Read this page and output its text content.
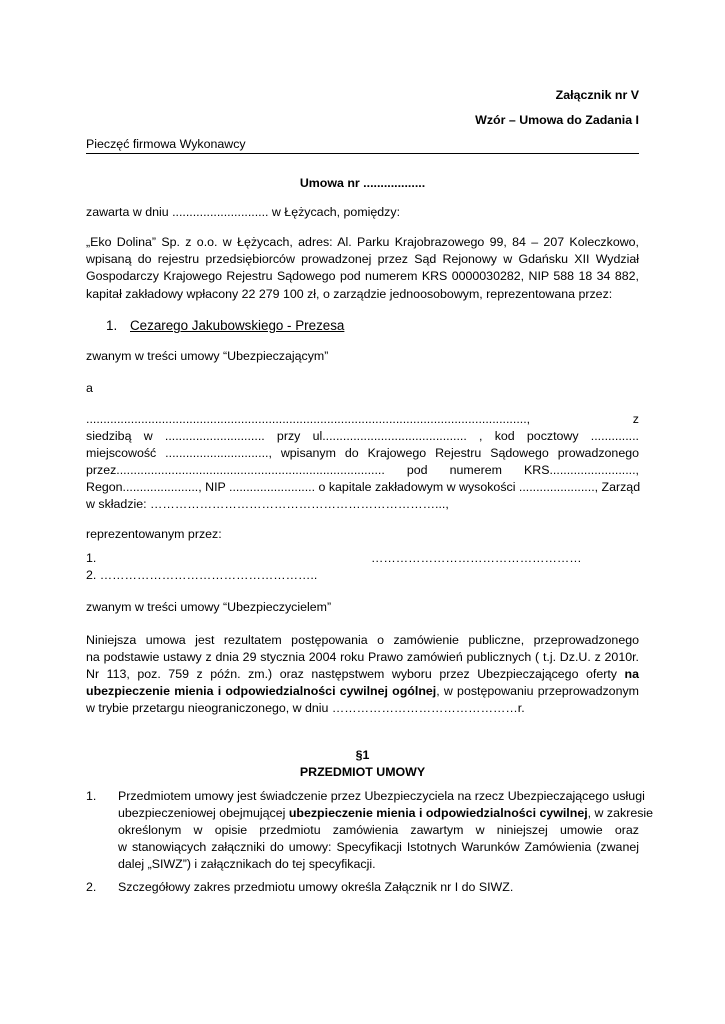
Załącznik nr V
Wzór – Umowa do Zadania I
Pieczęć firmowa Wykonawcy
Umowa nr ..................
zawarta w dniu ............................ w Łężycach, pomiędzy:
„Eko Dolina” Sp. z o.o. w Łężycach, adres: Al. Parku Krajobrazowego 99, 84 – 207 Koleczkowo,
wpisaną do rejestru przedsiębiorców prowadzonej przez Sąd Rejonowy w Gdańsku XII Wydział
Gospodarczy Krajowego Rejestru Sądowego pod numerem KRS 0000030282, NIP 588 18 34 882,
kapitał zakładowy wpłacony 22 279 100 zł, o zarządzie jednoosobowym, reprezentowana przez:
1. Cezarego Jakubowskiego - Prezesa
zwanym w treści umowy “Ubezpieczającym”
a
................................................................................................................................, z
siedzibą w ............................. przy ul.......................................... , kod pocztowy ..............
miejscowość .............................., wpisanym do Krajowego Rejestru Sądowego prowadzonego
przez.............................................................................. pod numerem KRS.........................,
Regon......................, NIP ......................... o kapitale zakładowym w wysokości ......................, Zarząd
w składzie: ……………………………………………………………...,
reprezentowanym przez:
1.	……………………………………………
2. ……………………………………………..
zwanym w treści umowy “Ubezpieczycielem”
Niniejsza umowa jest rezultatem postępowania o zamówienie publiczne, przeprowadzonego
na podstawie ustawy z dnia 29 stycznia 2004 roku Prawo zamówień publicznych ( t.j. Dz.U. z 2010r.
Nr 113, poz. 759 z późn. zm.) oraz następstwem wyboru przez Ubezpieczającego oferty na
ubezpieczenie mienia i odpowiedzialności cywilnej ogólnej, w postępowaniu przeprowadzonym
w trybie przetargu nieograniczonego, w dniu ………………………………………r.
§1
PRZEDMIOT UMOWY
1. Przedmiotem umowy jest świadczenie przez Ubezpieczyciela na rzecz Ubezpieczającego usługi
ubezpieczeniowej obejmującej ubezpieczenie mienia i odpowiedzialności cywilnej, w zakresie
określonym w opisie przedmiotu zamówienia zawartym w niniejszej umowie oraz
w stanowiących załączniki do umowy: Specyfikacji Istotnych Warunków Zamówienia (zwanej
dalej „SIWZ”) i załącznikach do tej specyfikacji.
2. Szczegółowy zakres przedmiotu umowy określa Załącznik nr I do SIWZ.
